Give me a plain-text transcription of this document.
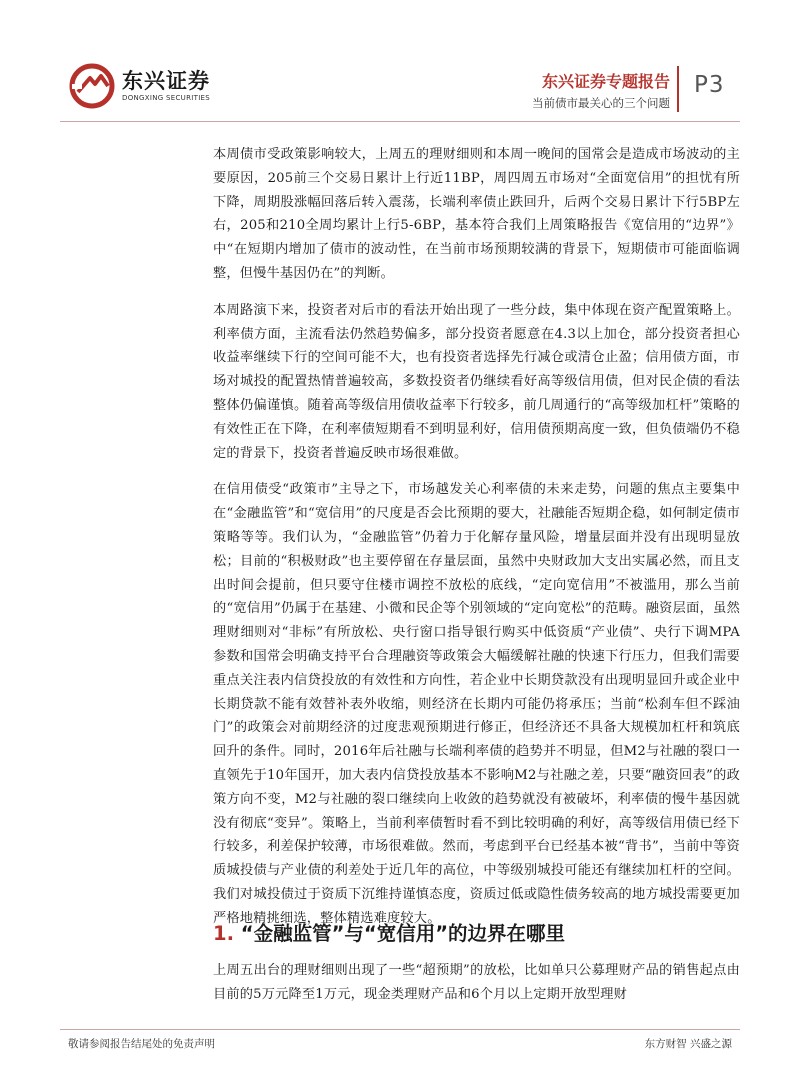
东兴证券
DONGXING SECURITIES
东兴证券专题报告
当前债市最关心的三个问题
P3

本周债市受政策影响较大，上周五的理财细则和本周一晚间的国常会是造成市场波动的主要原因，205前三个交易日累计上行近11BP，周四周五市场对“全面宽信用”的担忧有所下降，周期股涨幅回落后转入震荡，长端利率债止跌回升，后两个交易日累计下行5BP左右，205和210全周均累计上行5-6BP，基本符合我们上周策略报告《宽信用的“边界”》中“在短期内增加了债市的波动性，在当前市场预期较满的背景下，短期债市可能面临调整，但慢牛基因仍在”的判断。

本周路演下来，投资者对后市的看法开始出现了一些分歧，集中体现在资产配置策略上。利率债方面，主流看法仍然趋势偏多，部分投资者愿意在4.3以上加仓，部分投资者担心收益率继续下行的空间可能不大，也有投资者选择先行减仓或清仓止盈；信用债方面，市场对城投的配置热情普遍较高，多数投资者仍继续看好高等级信用债，但对民企债的看法整体仍偏谨慎。随着高等级信用债收益率下行较多，前几周通行的“高等级加杠杆”策略的有效性正在下降，在利率债短期看不到明显利好，信用债预期高度一致，但负债端仍不稳定的背景下，投资者普遍反映市场很难做。

在信用债受“政策市”主导之下，市场越发关心利率债的未来走势，问题的焦点主要集中在“金融监管”和“宽信用”的尺度是否会比预期的要大，社融能否短期企稳，如何制定债市策略等等。我们认为，“金融监管”仍着力于化解存量风险，增量层面并没有出现明显放松；目前的“积极财政”也主要停留在存量层面，虽然中央财政加大支出实属必然，而且支出时间会提前，但只要守住楼市调控不放松的底线，“定向宽信用”不被滥用，那么当前的“宽信用”仍属于在基建、小微和民企等个别领域的“定向宽松”的范畴。融资层面，虽然理财细则对“非标”有所放松、央行窗口指导银行购买中低资质“产业债”、央行下调MPA参数和国常会明确支持平台合理融资等政策会大幅缓解社融的快速下行压力，但我们需要重点关注表内信贷投放的有效性和方向性，若企业中长期贷款没有出现明显回升或企业中长期贷款不能有效替补表外收缩，则经济在长期内可能仍将承压；当前“松刹车但不踩油门”的政策会对前期经济的过度悲观预期进行修正，但经济还不具备大规模加杠杆和筑底回升的条件。同时，2016年后社融与长端利率债的趋势并不明显，但M2与社融的裂口一直领先于10年国开，加大表内信贷投放基本不影响M2与社融之差，只要“融资回表”的政策方向不变，M2与社融的裂口继续向上收敛的趋势就没有被破坏，利率债的慢牛基因就没有彻底“变异”。策略上，当前利率债暂时看不到比较明确的利好，高等级信用债已经下行较多，利差保护较薄，市场很难做。然而，考虑到平台已经基本被“背书”，当前中等资质城投债与产业债的利差处于近几年的高位，中等级别城投可能还有继续加杠杆的空间。我们对城投债过于资质下沉维持谨慎态度，资质过低或隐性债务较高的地方城投需要更加严格地精挑细选，整体精选难度较大。

1. “金融监管”与“宽信用”的边界在哪里

上周五出台的理财细则出现了一些“超预期”的放松，比如单只公募理财产品的销售起点由目前的5万元降至1万元，现金类理财产品和6个月以上定期开放型理财

敬请参阅报告结尾处的免责声明	东方财智 兴盛之源
